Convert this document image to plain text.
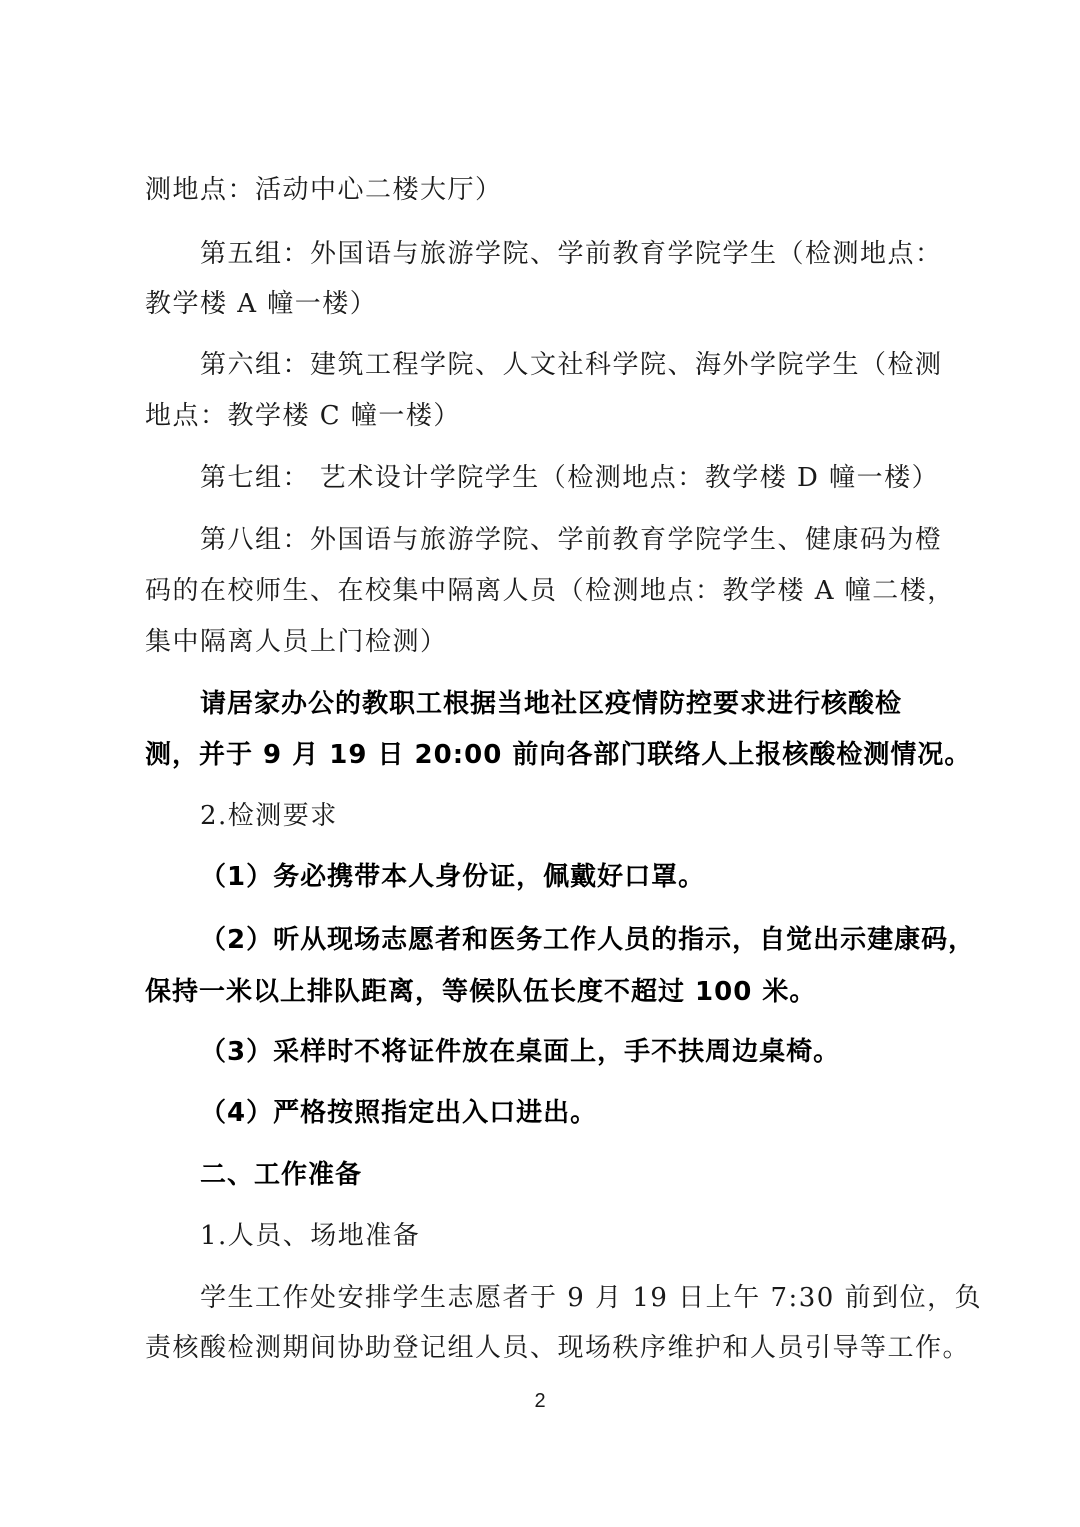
测地点：活动中心二楼大厅）
第五组：外国语与旅游学院、学前教育学院学生（检测地点：
教学楼 A 幢一楼）
第六组：建筑工程学院、人文社科学院、海外学院学生（检测
地点：教学楼 C 幢一楼）
第七组： 艺术设计学院学生（检测地点：教学楼 D 幢一楼）
第八组：外国语与旅游学院、学前教育学院学生、健康码为橙
码的在校师生、在校集中隔离人员（检测地点：教学楼 A 幢二楼，
集中隔离人员上门检测）
请居家办公的教职工根据当地社区疫情防控要求进行核酸检
测，并于 9 月 19 日 20:00 前向各部门联络人上报核酸检测情况。
2.检测要求
（1）务必携带本人身份证，佩戴好口罩。
（2）听从现场志愿者和医务工作人员的指示，自觉出示建康码，
保持一米以上排队距离，等候队伍长度不超过 100 米。
（3）采样时不将证件放在桌面上，手不扶周边桌椅。
（4）严格按照指定出入口进出。
二、工作准备
1.人员、场地准备
学生工作处安排学生志愿者于 9 月 19 日上午 7:30 前到位，负
责核酸检测期间协助登记组人员、现场秩序维护和人员引导等工作。
2
